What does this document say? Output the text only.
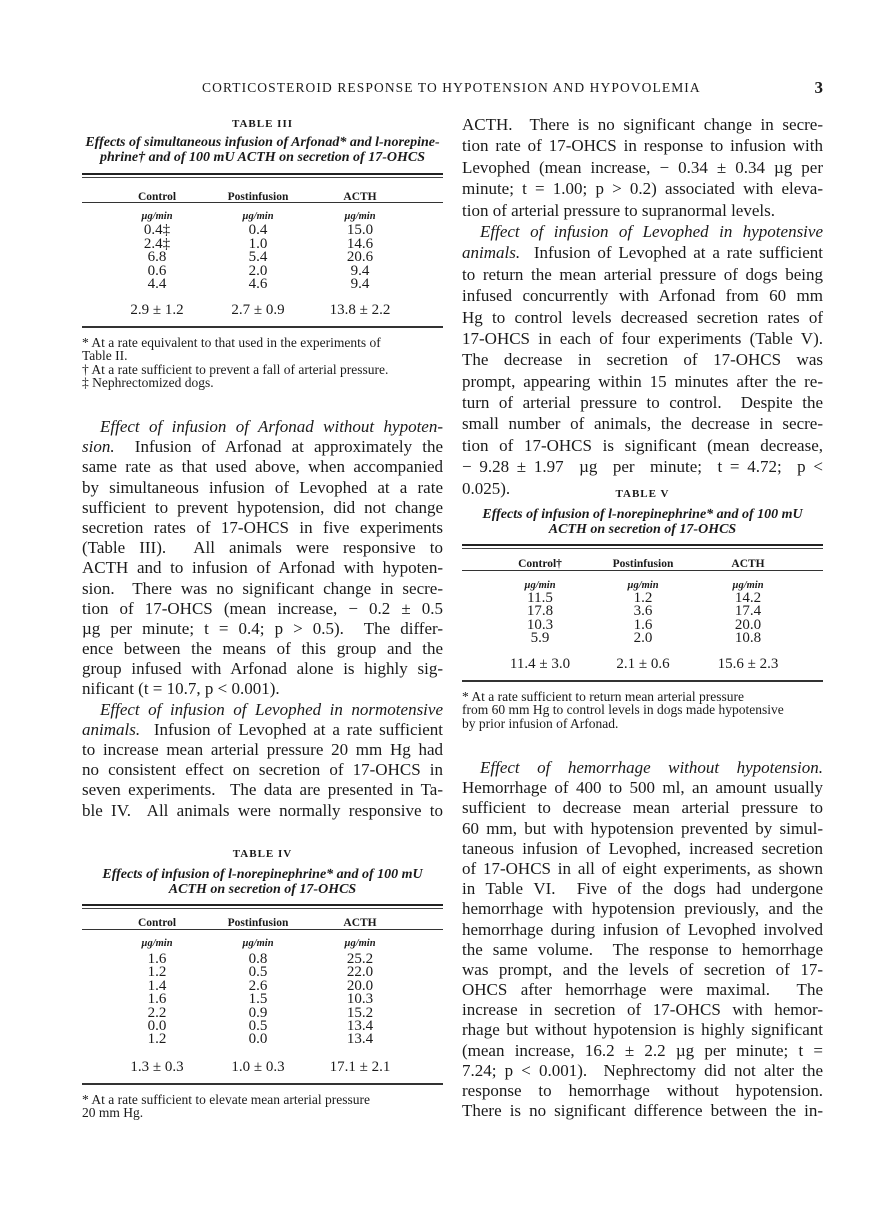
CORTICOSTEROID RESPONSE TO HYPOTENSION AND HYPOVOLEMIA	3
TABLE III
Effects of simultaneous infusion of Arfonad* and l-norepine-
phrine† and of 100 mU ACTH on secretion of 17-OHCS
Control	Postinfusion	ACTH
µg/min	µg/min	µg/min
0.4‡	0.4	15.0
2.4‡	1.0	14.6
6.8	5.4	20.6
0.6	2.0	9.4
4.4	4.6	9.4
2.9 ± 1.2	2.7 ± 0.9	13.8 ± 2.2
* At a rate equivalent to that used in the experiments of
Table II.
† At a rate sufficient to prevent a fall of arterial pressure.
‡ Nephrectomized dogs.
Effect of infusion of Arfonad without hypoten-
sion.  Infusion of Arfonad at approximately the
same rate as that used above, when accompanied
by simultaneous infusion of Levophed at a rate
sufficient to prevent hypotension, did not change
secretion rates of 17-OHCS in five experiments
(Table III).  All animals were responsive to
ACTH and to infusion of Arfonad with hypoten-
sion.  There was no significant change in secre-
tion of 17-OHCS (mean increase, − 0.2 ± 0.5
µg per minute; t = 0.4; p > 0.5).  The differ-
ence between the means of this group and the
group infused with Arfonad alone is highly sig-
nificant (t = 10.7, p < 0.001).
Effect of infusion of Levophed in normotensive
animals.  Infusion of Levophed at a rate sufficient
to increase mean arterial pressure 20 mm Hg had
no consistent effect on secretion of 17-OHCS in
seven experiments.  The data are presented in Ta-
ble IV.  All animals were normally responsive to
TABLE IV
Effects of infusion of l-norepinephrine* and of 100 mU
ACTH on secretion of 17-OHCS
Control	Postinfusion	ACTH
µg/min	µg/min	µg/min
1.6	0.8	25.2
1.2	0.5	22.0
1.4	2.6	20.0
1.6	1.5	10.3
2.2	0.9	15.2
0.0	0.5	13.4
1.2	0.0	13.4
1.3 ± 0.3	1.0 ± 0.3	17.1 ± 2.1
* At a rate sufficient to elevate mean arterial pressure
20 mm Hg.
ACTH.  There is no significant change in secre-
tion rate of 17-OHCS in response to infusion with
Levophed (mean increase, − 0.34 ± 0.34 µg per
minute; t = 1.00; p > 0.2) associated with eleva-
tion of arterial pressure to supranormal levels.
Effect of infusion of Levophed in hypotensive
animals.  Infusion of Levophed at a rate sufficient
to return the mean arterial pressure of dogs being
infused concurrently with Arfonad from 60 mm
Hg to control levels decreased secretion rates of
17-OHCS in each of four experiments (Table V).
The decrease in secretion of 17-OHCS was
prompt, appearing within 15 minutes after the re-
turn of arterial pressure to control.  Despite the
small number of animals, the decrease in secre-
tion of 17-OHCS is significant (mean decrease,
− 9.28 ± 1.97  µg  per  minute;  t = 4.72;  p <
0.025).	TABLE V
Effects of infusion of l-norepinephrine* and of 100 mU
ACTH on secretion of 17-OHCS
Control†	Postinfusion	ACTH
µg/min	µg/min	µg/min
11.5	1.2	14.2
17.8	3.6	17.4
10.3	1.6	20.0
5.9	2.0	10.8
11.4 ± 3.0	2.1 ± 0.6	15.6 ± 2.3
* At a rate sufficient to return mean arterial pressure
from 60 mm Hg to control levels in dogs made hypotensive
by prior infusion of Arfonad.
Effect of hemorrhage without hypotension.
Hemorrhage of 400 to 500 ml, an amount usually
sufficient to decrease mean arterial pressure to
60 mm, but with hypotension prevented by simul-
taneous infusion of Levophed, increased secretion
of 17-OHCS in all of eight experiments, as shown
in Table VI.  Five of the dogs had undergone
hemorrhage with hypotension previously, and the
hemorrhage during infusion of Levophed involved
the same volume.  The response to hemorrhage
was prompt, and the levels of secretion of 17-
OHCS after hemorrhage were maximal.  The
increase in secretion of 17-OHCS with hemor-
rhage but without hypotension is highly significant
(mean increase, 16.2 ± 2.2 µg per minute; t =
7.24; p < 0.001).  Nephrectomy did not alter the
response to hemorrhage without hypotension.
There is no significant difference between the in-
